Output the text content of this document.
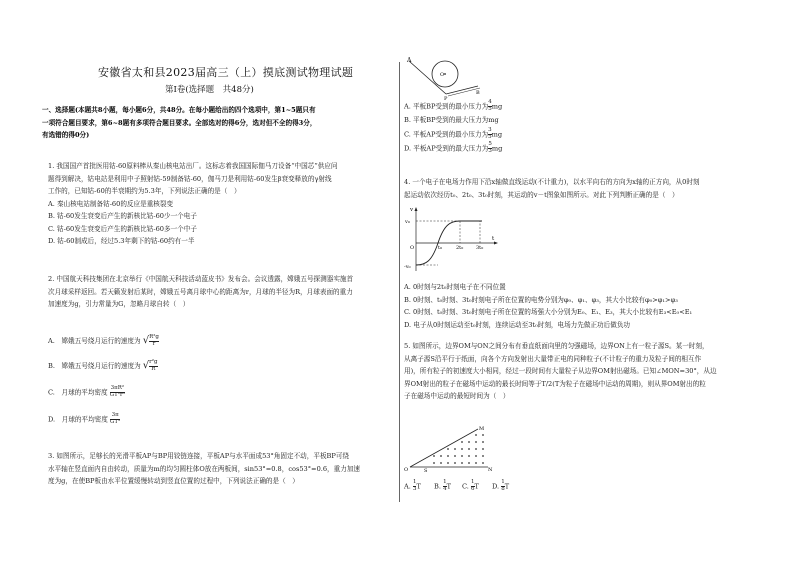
安徽省太和县2023届高三（上）摸底测试物理试题
第Ⅰ卷(选择题　共48分)
一、选择题(本题共8小题，每小题6分，共48分。在每小题给出的四个选项中，第1~5题只有
一项符合题目要求，第6~8题有多项符合题目要求。全部选对的得6分，选对但不全的得3分，
有选错的得0分)
1. 我国国产首批医用钴-60原料棒从秦山核电站出厂。这标志着我国国际伽马刀设备“中国芯”供应问
题得到解决，钴电站是利用中子照射钴-59制备钴-60，伽马刀是利用钴-60发生β衰变释放的γ射线
工作的，已知钴-60的半衰期约为5.3年，下列说法正确的是（　）
A. 秦山核电站制备钴-60的反应是重核裂变
B. 钴-60发生衰变后产生的新核比钴-60少一个电子
C. 钴-60发生衰变后产生的新核比钴-60多一个中子
D. 钴-60制成后，经过5.3年剩下的钴-60约有一半
2. 中国航天科技集团在北京举行《中国航天科技活动蓝皮书》发布会。会议透露，嫦娥五号探测器实施首
次月球采样返回。若天籁发射后某时，嫦娥五号离月球中心的距离为r，月球的半径为R，月球表面的重力
加速度为g，引力常量为G，忽略月球自转（　）
A.　嫦娥五号绕月运行的速度为 √ $\frac{\text{R²g}}{r}$
B.　嫦娥五号绕月运行的速度为 √ $\frac{\text{r²g}}{R}$
C.　月球的平均密度 $\frac{\text{3πR²}}{\text{GT²r³}}$
D.　月球的平均密度 $\frac{3\pi}{\text{GT²}}$
3. 如图所示，足够长的光滑平板AP与BP用铰链连接，平板AP与水平面成53°角固定不动，平板BP可绕
水平轴在竖直面内自由转动，质量为m的均匀圆柱体O放在两板间，sin53°=0.8，cos53°=0.6，重力加速
度为g，在使BP板由水平位置缓慢转动到竖直位置的过程中，下列说法正确的是（　）
A
O
P
B
A. 平板BP受到的最小压力为 $\frac{4}{5}$ mg
B. 平板BP受到的最大压力为mg
C. 平板AP受到的最小压力为 $\frac{3}{5}$ mg
D. 平板AP受到的最大压力为 $\frac{5}{3}$ mg
4. 一个电子在电场力作用下沿x轴做直线运动(不计重力)，以水平向右的方向为x轴的正方向，从0时刻
起运动依次经历t₀、2t₀、3t₀时刻，其运动的v－t图象如图所示。对此下列判断正确的是（　）
v
t
v₀
-v₀
O	t₀	2t₀	3t₀
A. 0时刻与2t₀时刻电子在不同位置
B. 0时刻、t₀时刻、3t₀时刻电子所在位置的电势分别为φ₀、φ₁、φ₃，其大小比较有φ₀>φ₁>φ₃
C. 0时刻、t₀时刻、3t₀时刻电子所在位置的场强大小分别为E₀、E₁、E₃，其大小比较有E₃<E₀<E₁
D. 电子从0时刻运动至t₀时刻，连续运动至3t₀时刻，电场力先做正功后做负功
5. 如图所示，边界OM与ON之间分布有垂直纸面向里的匀强磁场，边界ON上有一粒子源S。某一时刻，
从离子源S沿平行于纸面，向各个方向发射出大量带正电的同种粒子(不计粒子的重力及粒子间的相互作
用)，所有粒子的初速度大小相同，经过一段时间有大量粒子从边界OM射出磁场。已知∠MON=30°，从边
界OM射出的粒子在磁场中运动的最长时间等于T/2(T为粒子在磁场中运动的周期)，则从界OM射出的粒
子在磁场中运动的最短时间为（　）
M
O	S	N
A. $\frac{1}{3}$ T B. $\frac{1}{4}$ T C. $\frac{1}{6}$ T D. $\frac{1}{8}$ T
